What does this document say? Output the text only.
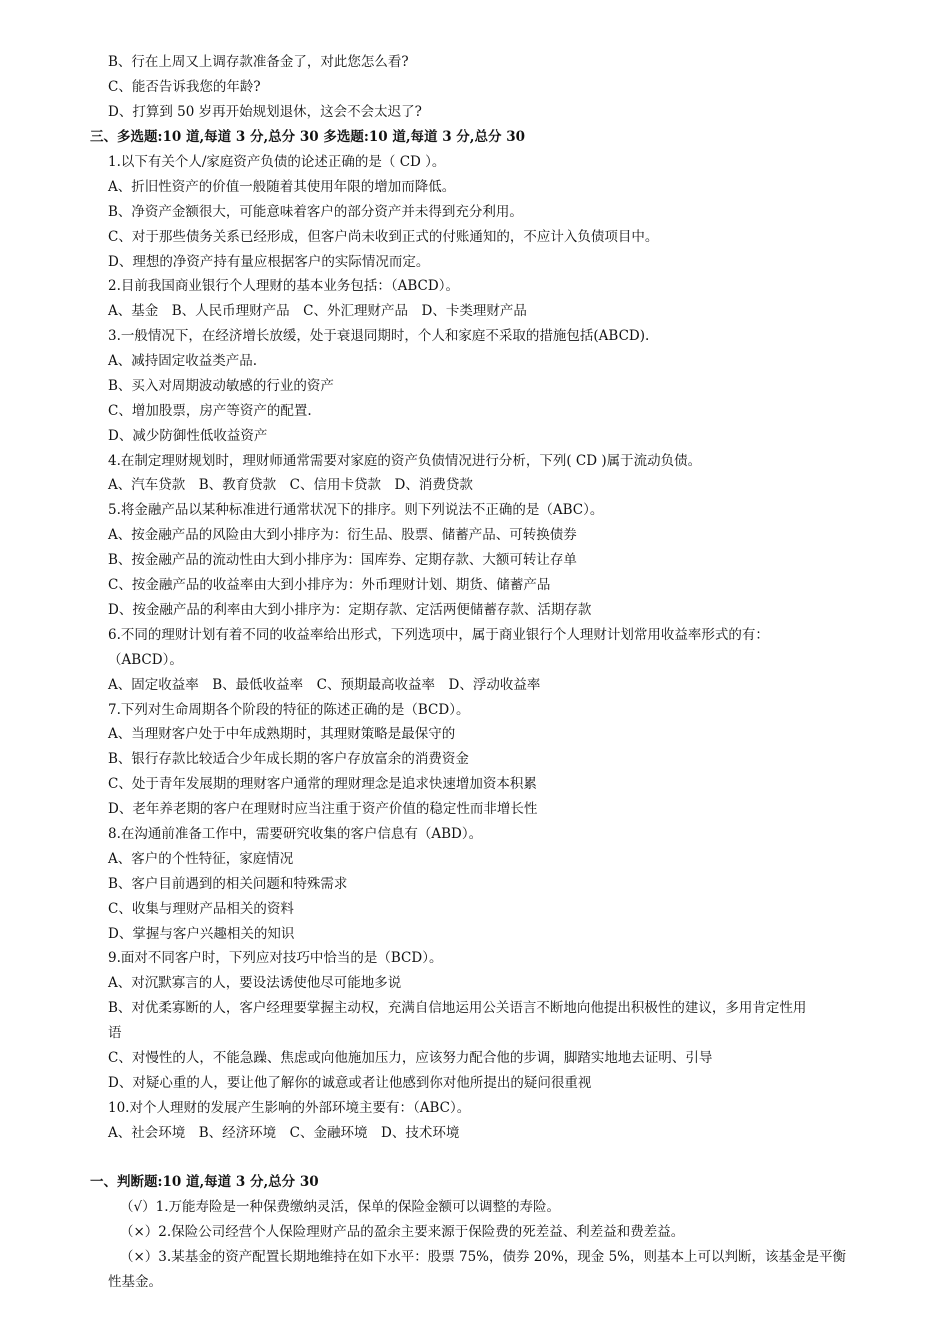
B、行在上周又上调存款准备金了，对此您怎么看?
C、能否告诉我您的年龄?
D、打算到 50 岁再开始规划退休，这会不会太迟了?
三、多选题:10 道,每道 3 分,总分 30 多选题:10 道,每道 3 分,总分 30
1.以下有关个人/家庭资产负债的论述正确的是（ CD ）。
A、折旧性资产的价值一般随着其使用年限的增加而降低。
B、净资产金额很大，可能意味着客户的部分资产并未得到充分利用。
C、对于那些债务关系已经形成，但客户尚未收到正式的付账通知的，不应计入负债项目中。
D、理想的净资产持有量应根据客户的实际情况而定。
2.目前我国商业银行个人理财的基本业务包括：（ABCD）。
A、基金　B、人民币理财产品　C、外汇理财产品　D、卡类理财产品
3.一般情况下，在经济增长放缓，处于衰退同期时，个人和家庭不采取的措施包括(ABCD).
A、减持固定收益类产品.
B、买入对周期波动敏感的行业的资产
C、增加股票，房产等资产的配置.
D、减少防御性低收益资产
4.在制定理财规划时，理财师通常需要对家庭的资产负债情况进行分析，下列( CD )属于流动负债。
A、汽车贷款　B、教育贷款　C、信用卡贷款　D、消费贷款
5.将金融产品以某种标准进行通常状况下的排序。则下列说法不正确的是（ABC）。
A、按金融产品的风险由大到小排序为：衍生品、股票、储蓄产品、可转换债券
B、按金融产品的流动性由大到小排序为：国库券、定期存款、大额可转让存单
C、按金融产品的收益率由大到小排序为：外币理财计划、期货、储蓄产品
D、按金融产品的利率由大到小排序为：定期存款、定活两便储蓄存款、活期存款
6.不同的理财计划有着不同的收益率给出形式，下列选项中，属于商业银行个人理财计划常用收益率形式的有：
（ABCD）。
A、固定收益率　B、最低收益率　C、预期最高收益率　D、浮动收益率
7.下列对生命周期各个阶段的特征的陈述正确的是（BCD）。
A、当理财客户处于中年成熟期时，其理财策略是最保守的
B、银行存款比较适合少年成长期的客户存放富余的消费资金
C、处于青年发展期的理财客户通常的理财理念是追求快速增加资本积累
D、老年养老期的客户在理财时应当注重于资产价值的稳定性而非增长性
8.在沟通前准备工作中，需要研究收集的客户信息有（ABD）。
A、客户的个性特征，家庭情况
B、客户目前遇到的相关问题和特殊需求
C、收集与理财产品相关的资料
D、掌握与客户兴趣相关的知识
9.面对不同客户时，下列应对技巧中恰当的是（BCD）。
A、对沉默寡言的人，要设法诱使他尽可能地多说
B、对优柔寡断的人，客户经理要掌握主动权，充满自信地运用公关语言不断地向他提出积极性的建议，多用肯定性用
语
C、对慢性的人，不能急躁、焦虑或向他施加压力，应该努力配合他的步调，脚踏实地地去证明、引导
D、对疑心重的人，要让他了解你的诚意或者让他感到你对他所提出的疑问很重视
10.对个人理财的发展产生影响的外部环境主要有：（ABC）。
A、社会环境　B、经济环境　C、金融环境　D、技术环境
一、判断题:10 道,每道 3 分,总分 30
（√）1.万能寿险是一种保费缴纳灵活，保单的保险金额可以调整的寿险。
（×）2.保险公司经营个人保险理财产品的盈余主要来源于保险费的死差益、利差益和费差益。
（×）3.某基金的资产配置长期地维持在如下水平：股票 75%，债券 20%，现金 5%，则基本上可以判断，该基金是平衡
性基金。
